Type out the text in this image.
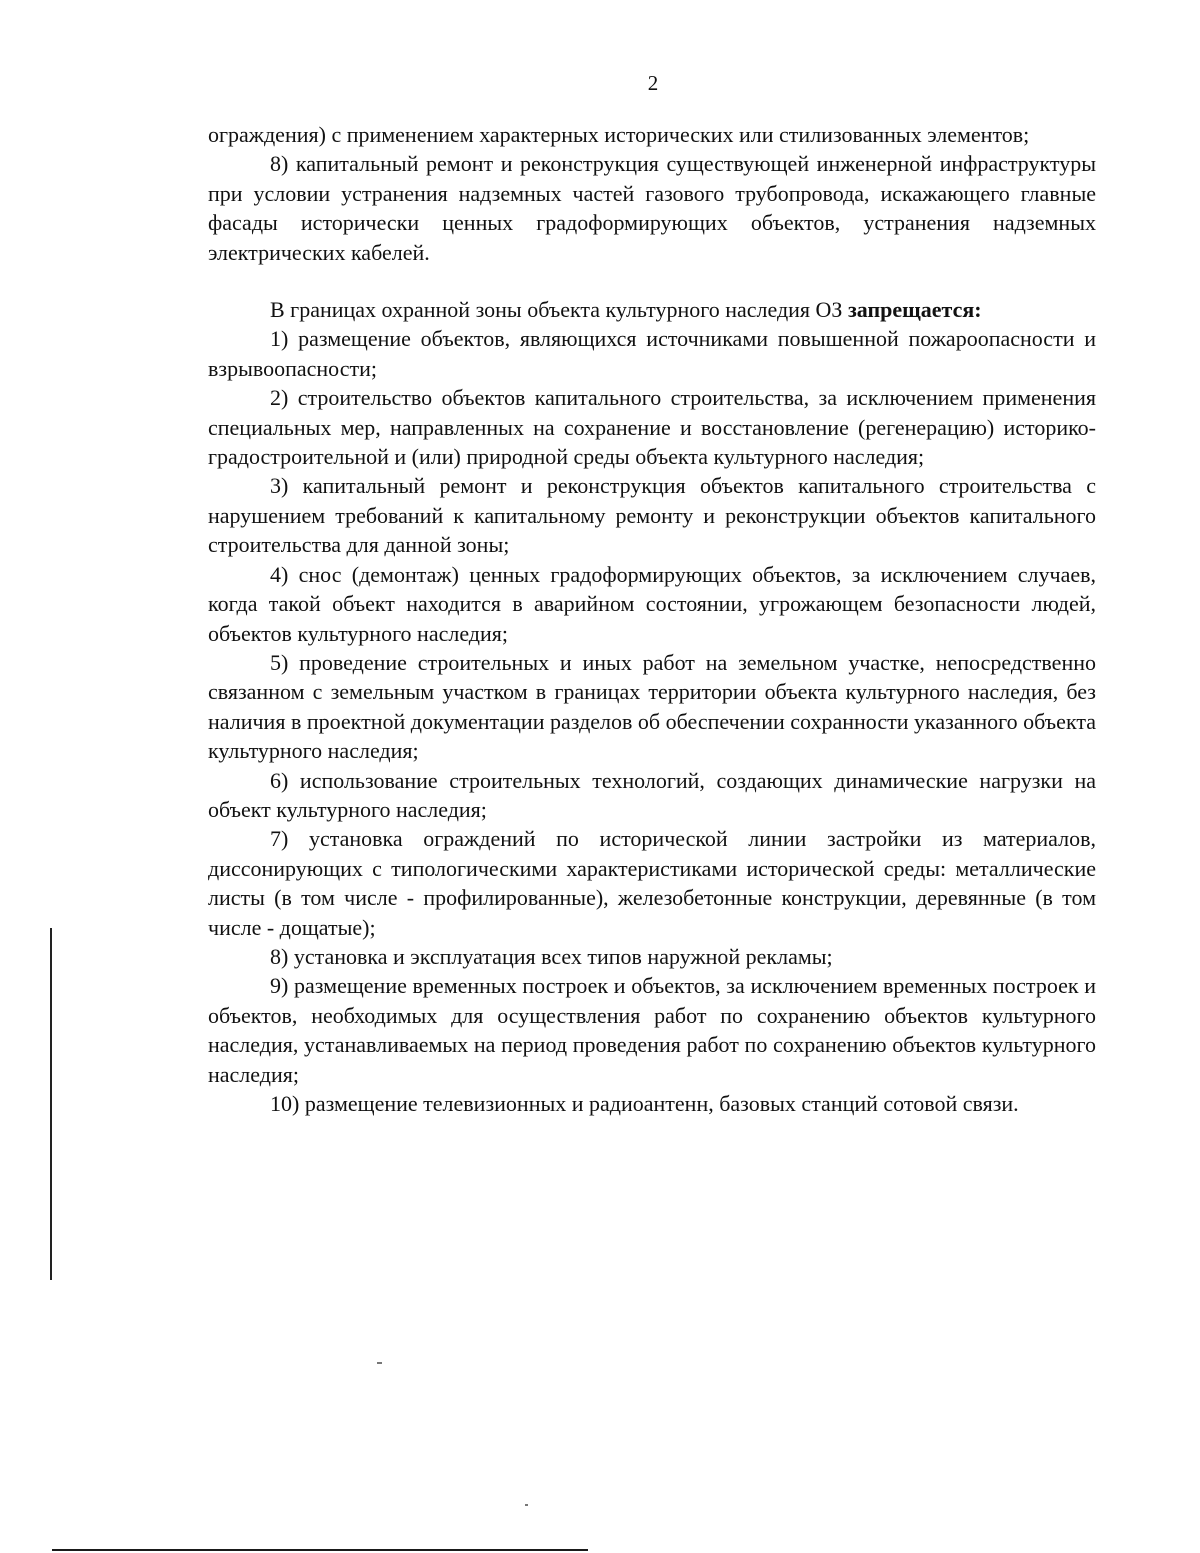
2

ограждения) с применением характерных исторических или стилизованных элементов;

8) капитальный ремонт и реконструкция существующей инженерной инфраструктуры при условии устранения надземных частей газового трубопровода, искажающего главные фасады исторически ценных градоформирующих объектов, устранения надземных электрических кабелей.

В границах охранной зоны объекта культурного наследия ОЗ запрещается:

1) размещение объектов, являющихся источниками повышенной пожароопасности и взрывоопасности;

2) строительство объектов капитального строительства, за исключением применения специальных мер, направленных на сохранение и восстановление (регенерацию) историко-градостроительной и (или) природной среды объекта культурного наследия;

3) капитальный ремонт и реконструкция объектов капитального строительства с нарушением требований к капитальному ремонту и реконструкции объектов капитального строительства для данной зоны;

4) снос (демонтаж) ценных градоформирующих объектов, за исключением случаев, когда такой объект находится в аварийном состоянии, угрожающем безопасности людей, объектов культурного наследия;

5) проведение строительных и иных работ на земельном участке, непосредственно связанном с земельным участком в границах территории объекта культурного наследия, без наличия в проектной документации разделов об обеспечении сохранности указанного объекта культурного наследия;

6) использование строительных технологий, создающих динамические нагрузки на объект культурного наследия;

7) установка ограждений по исторической линии застройки из материалов, диссонирующих с типологическими характеристиками исторической среды: металлические листы (в том числе - профилированные), железобетонные конструкции, деревянные (в том числе - дощатые);

8) установка и эксплуатация всех типов наружной рекламы;

9) размещение временных построек и объектов, за исключением временных построек и объектов, необходимых для осуществления работ по сохранению объектов культурного наследия, устанавливаемых на период проведения работ по сохранению объектов культурного наследия;

10) размещение телевизионных и радиоантенн, базовых станций сотовой связи.
